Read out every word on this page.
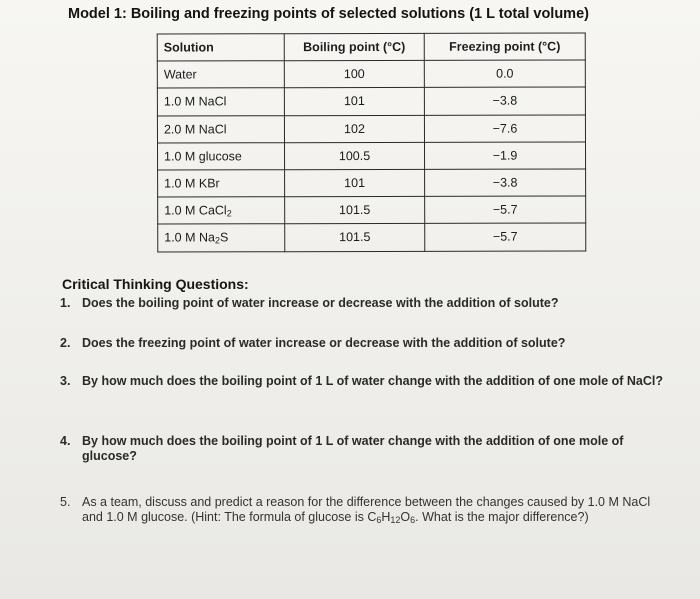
Model 1: Boiling and freezing points of selected solutions (1 L total volume)
Solution	Boiling point (°C)	Freezing point (°C)
Water	100	0.0
1.0 M NaCl	101	−3.8
2.0 M NaCl	102	−7.6
1.0 M glucose	100.5	−1.9
1.0 M KBr	101	−3.8
1.0 M CaCl$_2$	101.5	−5.7
1.0 M $Na_2S$	101.5	−5.7
Critical Thinking Questions:
1. Does the boiling point of water increase or decrease with the addition of solute?
2. Does the freezing point of water increase or decrease with the addition of solute?
3. By how much does the boiling point of 1 L of water change with the addition of one mole of NaCl?
4. By how much does the boiling point of 1 L of water change with the addition of one mole of glucose?
5. As a team, discuss and predict a reason for the difference between the changes caused by 1.0 M NaCl and 1.0 M glucose. (Hint: The formula of glucose is $C_6H_{12}O_6$. What is the major difference?)
